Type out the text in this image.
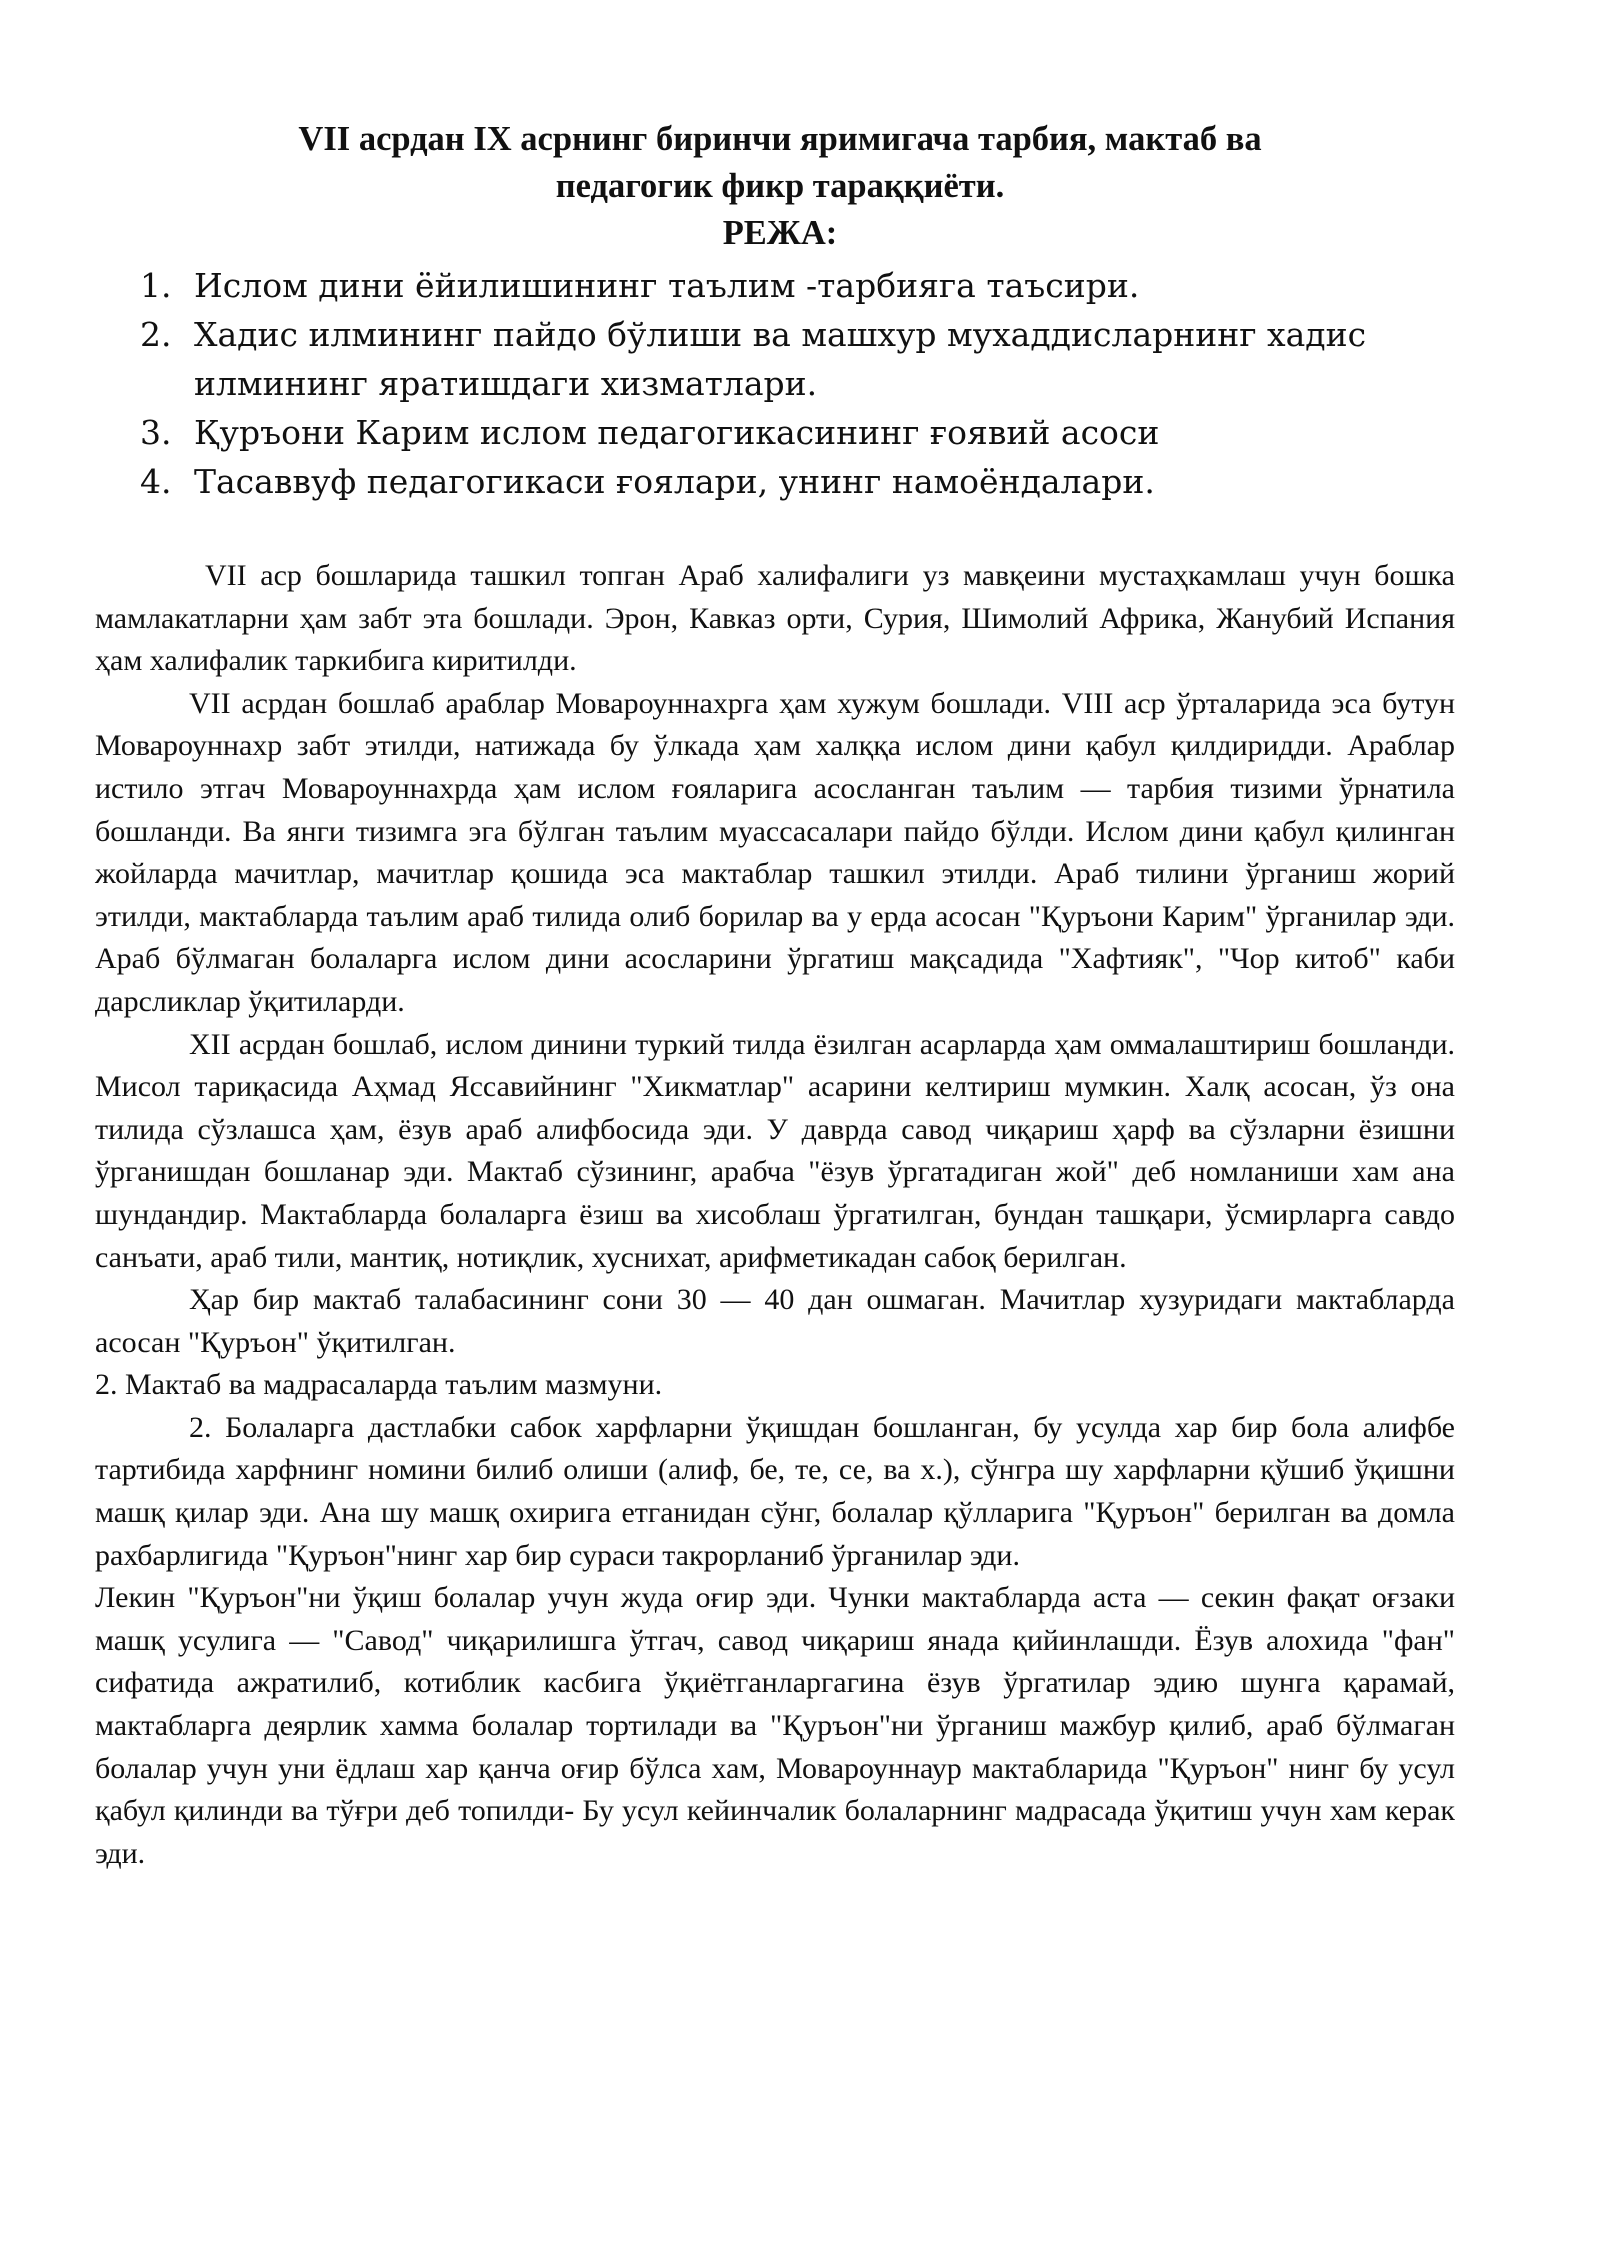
VII асрдан IX асрнинг биринчи яримигача тарбия, мактаб ва
педагогик фикр тараққиёти.
РЕЖА:
1. Ислом дини ёйилишининг таълим -тарбияга таъсири.
2. Хадис илмининг пайдо бўлиши ва машхур мухаддисларнинг хадис илмининг яратишдаги хизматлари.
3. Қуръони Карим ислом педагогикасининг ғоявий асоси
4. Тасаввуф педагогикаси ғоялари, унинг намоёндалари.

VII аср бошларида ташкил топган Араб халифалиги уз мавқеини мустаҳкамлаш учун бошка мамлакатларни ҳам забт эта бошлади. Эрон, Кавказ орти, Сурия, Шимолий Африка, Жанубий Испания ҳам халифалик таркибига киритилди.

VII асрдан бошлаб араблар Мовароуннахрга ҳам хужум бошлади. VIII аср ўрталарида эса бутун Мовароуннахр забт этилди, натижада бу ўлкада ҳам халққа ислом дини қабул қилдиридди. Араблар истило этгач Мовароуннахрда ҳам ислом ғояларига асосланган таълим — тарбия тизими ўрнатила бошланди. Ва янги тизимга эга бўлган таълим муассасалари пайдо бўлди. Ислом дини қабул қилинган жойларда мачитлар, мачитлар қошида эса мактаблар ташкил этилди. Араб тилини ўрганиш жорий этилди, мактабларда таълим араб тилида олиб борилар ва у ерда асосан "Қуръони Карим" ўрганилар эди. Араб бўлмаган болаларга ислом дини асосларини ўргатиш мақсадида "Хафтияк", "Чор китоб" каби дарсликлар ўқитиларди.

XII асрдан бошлаб, ислом динини туркий тилда ёзилган асарларда ҳам оммалаштириш бошланди. Мисол тариқасида Аҳмад Яссавийнинг "Хикматлар" асарини келтириш мумкин. Халқ асосан, ўз она тилида сўзлашса ҳам, ёзув араб алифбосида эди. У даврда савод чиқариш ҳарф ва сўзларни ёзишни ўрганишдан бошланар эди. Мактаб сўзининг, арабча "ёзув ўргатадиган жой" деб номланиши хам ана шундандир. Мактабларда болаларга ёзиш ва хисоблаш ўргатилган, бундан ташқари, ўсмирларга савдо санъати, араб тили, мантиқ, нотиқлик, хуснихат, арифметикадан сабоқ берилган.

Ҳар бир мактаб талабасининг сони 30 — 40 дан ошмаган. Мачитлар хузуридаги мактабларда асосан "Қуръон" ўқитилган.

2. Мактаб ва мадрасаларда таълим мазмуни.

2. Болаларга дастлабки сабок харфларни ўқишдан бошланган, бу усулда хар бир бола алифбе тартибида харфнинг номини билиб олиши (алиф, бе, те, се, ва х.), сўнгра шу харфларни қўшиб ўқишни машқ қилар эди. Ана шу машқ охирига етганидан сўнг, болалар қўлларига "Қуръон" берилган ва домла рахбарлигида "Қуръон"нинг хар бир сураси такрорланиб ўрганилар эди.

Лекин "Қуръон"ни ўқиш болалар учун жуда оғир эди. Чунки мактабларда аста — секин фақат оғзаки машқ усулига — "Савод" чиқарилишга ўтгач, савод чиқариш янада қийинлашди. Ёзув алохида "фан" сифатида ажратилиб, котиблик касбига ўқиётганларгагина ёзув ўргатилар эдию шунга қарамай, мактабларга деярлик хамма болалар тортилади ва "Қуръон"ни ўрганиш мажбур қилиб, араб бўлмаган болалар учун уни ёдлаш хар қанча оғир бўлса хам, Мовароуннаур мактабларида "Қуръон" нинг бу усул қабул қилинди ва тўғри деб топилди- Бу усул кейинчалик болаларнинг мадрасада ўқитиш учун хам керак эди.
